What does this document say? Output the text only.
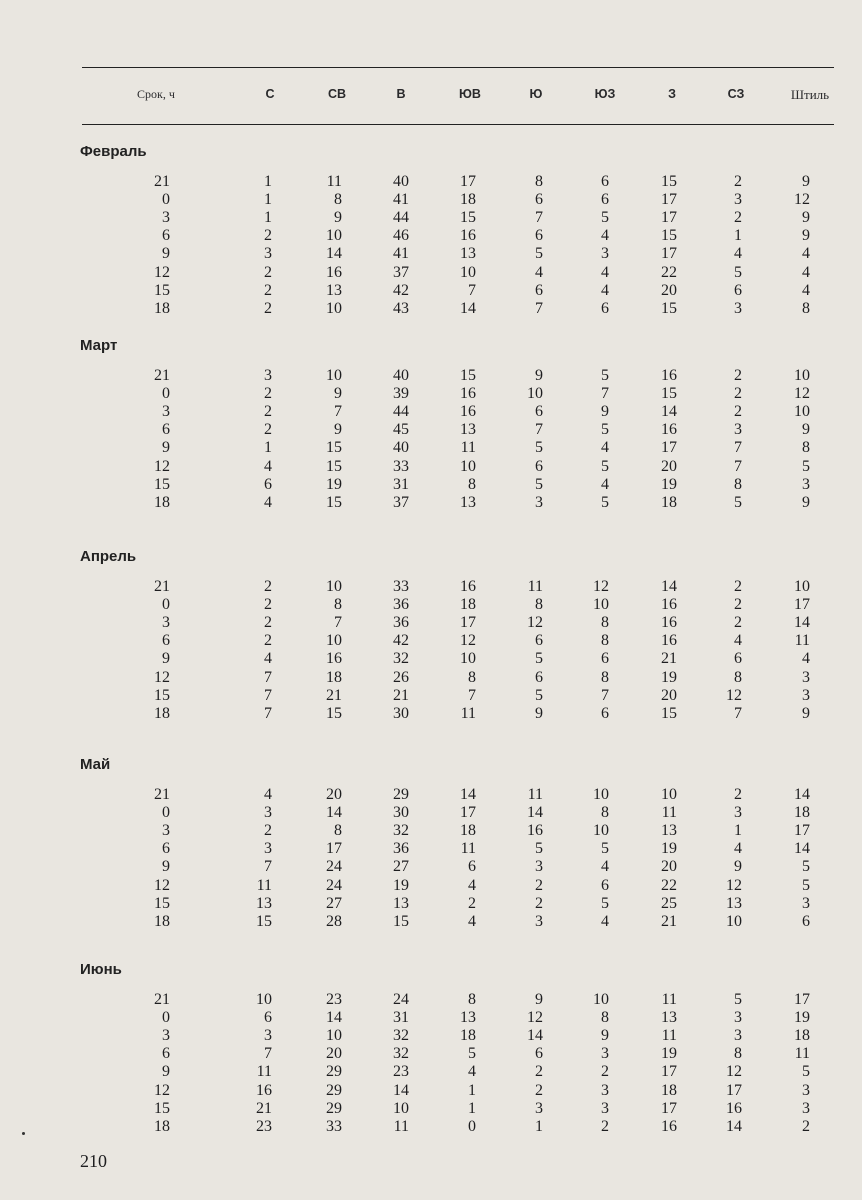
Срок, ч	С	СВ	В	ЮВ	Ю	ЮЗ	З	СЗ	Штиль
Февраль
21	1	11	40	17	8	6	15	2	9
0	1	8	41	18	6	6	17	3	12
3	1	9	44	15	7	5	17	2	9
6	2	10	46	16	6	4	15	1	9
9	3	14	41	13	5	3	17	4	4
12	2	16	37	10	4	4	22	5	4
15	2	13	42	7	6	4	20	6	4
18	2	10	43	14	7	6	15	3	8
Март
21	3	10	40	15	9	5	16	2	10
0	2	9	39	16	10	7	15	2	12
3	2	7	44	16	6	9	14	2	10
6	2	9	45	13	7	5	16	3	9
9	1	15	40	11	5	4	17	7	8
12	4	15	33	10	6	5	20	7	5
15	6	19	31	8	5	4	19	8	3
18	4	15	37	13	3	5	18	5	9
Апрель
21	2	10	33	16	11	12	14	2	10
0	2	8	36	18	8	10	16	2	17
3	2	7	36	17	12	8	16	2	14
6	2	10	42	12	6	8	16	4	11
9	4	16	32	10	5	6	21	6	4
12	7	18	26	8	6	8	19	8	3
15	7	21	21	7	5	7	20	12	3
18	7	15	30	11	9	6	15	7	9
Май
21	4	20	29	14	11	10	10	2	14
0	3	14	30	17	14	8	11	3	18
3	2	8	32	18	16	10	13	1	17
6	3	17	36	11	5	5	19	4	14
9	7	24	27	6	3	4	20	9	5
12	11	24	19	4	2	6	22	12	5
15	13	27	13	2	2	5	25	13	3
18	15	28	15	4	3	4	21	10	6
Июнь
21	10	23	24	8	9	10	11	5	17
0	6	14	31	13	12	8	13	3	19
3	3	10	32	18	14	9	11	3	18
6	7	20	32	5	6	3	19	8	11
9	11	29	23	4	2	2	17	12	5
12	16	29	14	1	2	3	18	17	3
15	21	29	10	1	3	3	17	16	3
18	23	33	11	0	1	2	16	14	2
210
